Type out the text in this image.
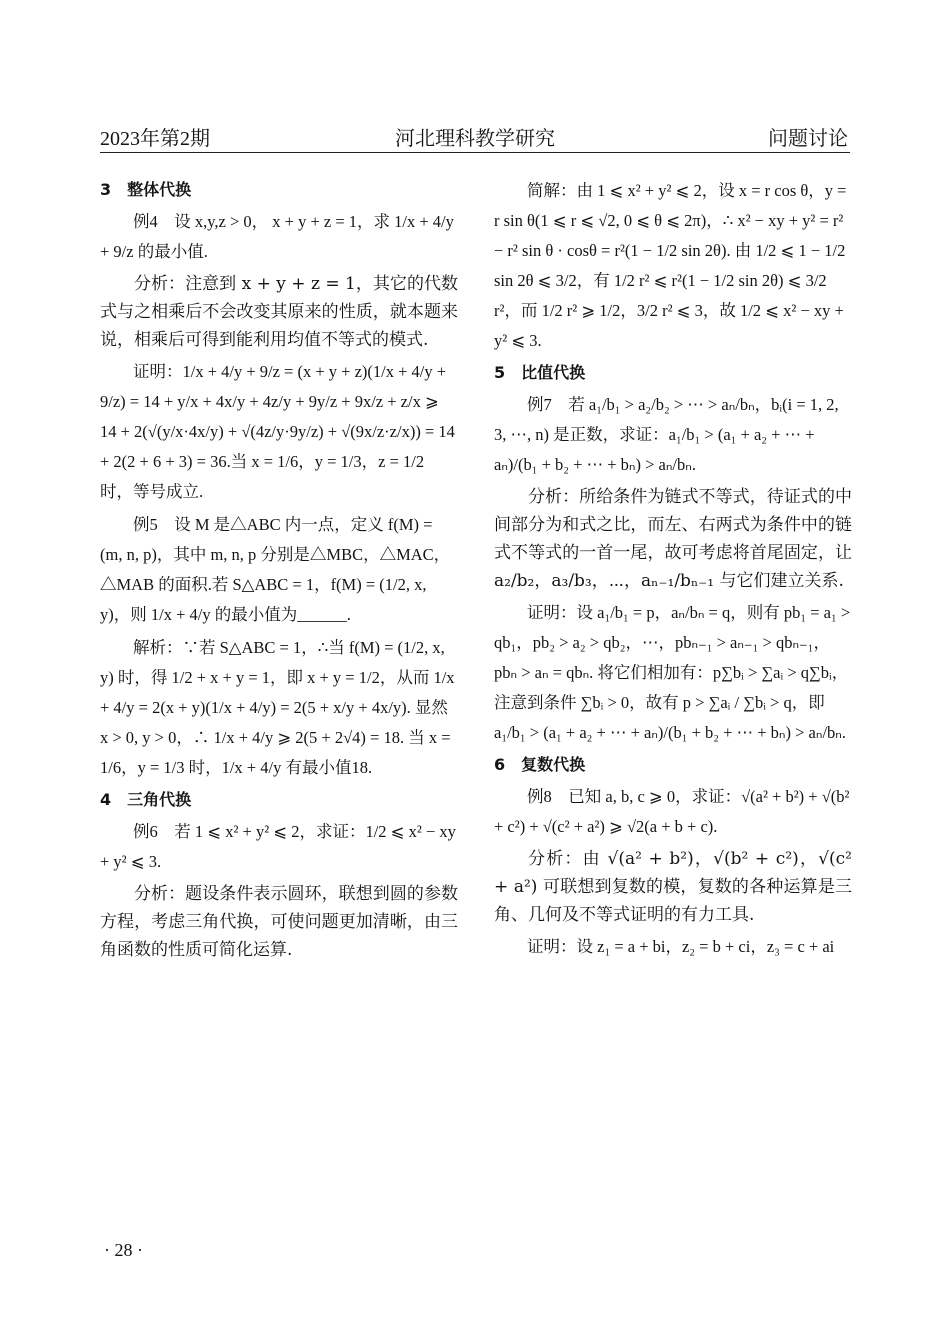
2023年第2期	河北理科教学研究	问题讨论

3　整体代换

例4　设 x,y,z > 0， x + y + z = 1，求 1/x + 4/y + 9/z 的最小值.

分析：注意到 x + y + z = 1，其它的代数式与之相乘后不会改变其原来的性质，就本题来说，相乘后可得到能利用均值不等式的模式.

证明：1/x + 4/y + 9/z = (x + y + z)(1/x + 4/y + 9/z) = 14 + y/x + 4x/y + 4z/y + 9y/z + 9x/z + z/x ⩾ 14 + 2(√(y/x·4x/y) + √(4z/y·9y/z) + √(9x/z·z/x)) = 14 + 2(2 + 6 + 3) = 36.当 x = 1/6，y = 1/3，z = 1/2 时，等号成立.

例5　设 M 是△ABC 内一点，定义 f(M) = (m, n, p)，其中 m, n, p 分别是△MBC，△MAC，△MAB 的面积.若 S△ABC = 1，f(M) = (1/2, x, y)，则 1/x + 4/y 的最小值为______.

解析：∵若 S△ABC = 1，∴当 f(M) = (1/2, x, y) 时，得 1/2 + x + y = 1，即 x + y = 1/2，从而 1/x + 4/y = 2(x + y)(1/x + 4/y) = 2(5 + x/y + 4x/y). 显然 x > 0, y > 0，∴ 1/x + 4/y ⩾ 2(5 + 2√4) = 18. 当 x = 1/6，y = 1/3 时，1/x + 4/y 有最小值18.

4　三角代换

例6　若 1 ⩽ x² + y² ⩽ 2，求证：1/2 ⩽ x² − xy + y² ⩽ 3.

分析：题设条件表示圆环，联想到圆的参数方程，考虑三角代换，可使问题更加清晰，由三角函数的性质可简化运算.

简解：由 1 ⩽ x² + y² ⩽ 2，设 x = r cos θ，y = r sin θ(1 ⩽ r ⩽ √2, 0 ⩽ θ ⩽ 2π)，∴ x² − xy + y² = r² − r² sin θ · cosθ = r²(1 − 1/2 sin 2θ). 由 1/2 ⩽ 1 − 1/2 sin 2θ ⩽ 3/2，有 1/2 r² ⩽ r²(1 − 1/2 sin 2θ) ⩽ 3/2 r²，而 1/2 r² ⩾ 1/2，3/2 r² ⩽ 3，故 1/2 ⩽ x² − xy + y² ⩽ 3.

5　比值代换

例7　若 a₁/b₁ > a₂/b₂ > ⋯ > aₙ/bₙ，bᵢ(i = 1, 2, 3, ⋯, n) 是正数，求证：a₁/b₁ > (a₁ + a₂ + ⋯ + aₙ)/(b₁ + b₂ + ⋯ + bₙ) > aₙ/bₙ.

分析：所给条件为链式不等式，待证式的中间部分为和式之比，而左、右两式为条件中的链式不等式的一首一尾，故可考虑将首尾固定，让 a₂/b₂，a₃/b₃，⋯，aₙ₋₁/bₙ₋₁ 与它们建立关系.

证明：设 a₁/b₁ = p，aₙ/bₙ = q，则有 pb₁ = a₁ > qb₁，pb₂ > a₂ > qb₂，⋯，pbₙ₋₁ > aₙ₋₁ > qbₙ₋₁，pbₙ > aₙ = qbₙ. 将它们相加有：p∑bᵢ > ∑aᵢ > q∑bᵢ，注意到条件 ∑bᵢ > 0，故有 p > ∑aᵢ / ∑bᵢ > q，即 a₁/b₁ > (a₁ + a₂ + ⋯ + aₙ)/(b₁ + b₂ + ⋯ + bₙ) > aₙ/bₙ.

6　复数代换

例8　已知 a, b, c ⩾ 0，求证：√(a² + b²) + √(b² + c²) + √(c² + a²) ⩾ √2(a + b + c).

分析：由 √(a² + b²)，√(b² + c²)，√(c² + a²) 可联想到复数的模，复数的各种运算是三角、几何及不等式证明的有力工具.

证明：设 z₁ = a + bi，z₂ = b + ci，z₃ = c + ai

· 28 ·
